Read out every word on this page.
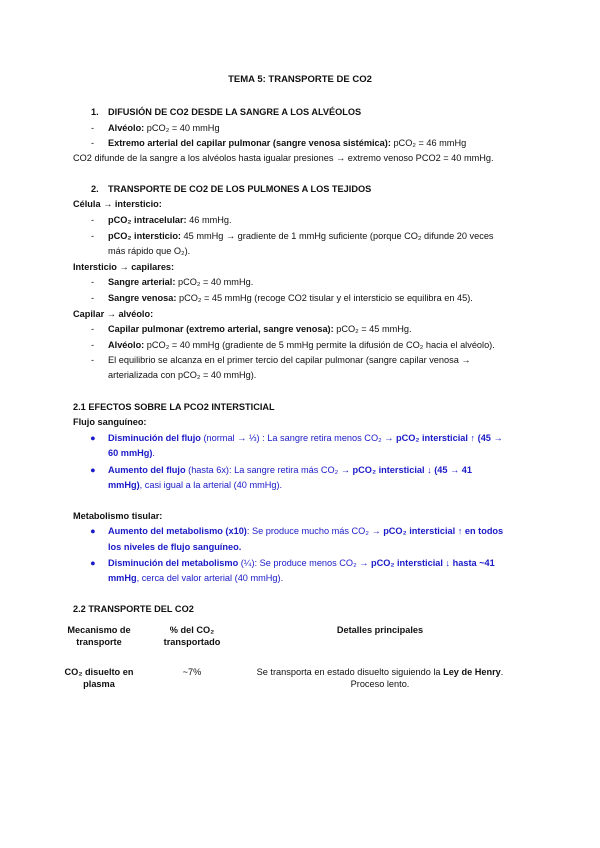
TEMA 5: TRANSPORTE DE CO2
1. DIFUSIÓN DE CO2 DESDE LA SANGRE A LOS ALVÉOLOS
- Alvéolo: pCO₂ = 40 mmHg
- Extremo arterial del capilar pulmonar (sangre venosa sistémica): pCO₂ = 46 mmHg
CO2 difunde de la sangre a los alvéolos hasta igualar presiones → extremo venoso PCO2 = 40 mmHg.
2. TRANSPORTE DE CO2 DE LOS PULMONES A LOS TEJIDOS
Célula → intersticio:
- pCO₂ intracelular: 46 mmHg.
- pCO₂ intersticio: 45 mmHg → gradiente de 1 mmHg suficiente (porque CO₂ difunde 20 veces
más rápido que O₂).
Intersticio → capilares:
- Sangre arterial: pCO₂ = 40 mmHg.
- Sangre venosa: pCO₂ = 45 mmHg (recoge CO2 tisular y el intersticio se equilibra en 45).
Capilar → alvéolo:
- Capilar pulmonar (extremo arterial, sangre venosa): pCO₂ = 45 mmHg.
- Alvéolo: pCO₂ = 40 mmHg (gradiente de 5 mmHg permite la difusión de CO₂ hacia el alvéolo).
- El equilibrio se alcanza en el primer tercio del capilar pulmonar (sangre capilar venosa →
arterializada con pCO₂ = 40 mmHg).
2.1 EFECTOS SOBRE LA PCO2 INTERSTICIAL
Flujo sanguíneo:
● Disminución del flujo (normal → ⅓) : La sangre retira menos CO₂ → pCO₂ intersticial ↑ (45 →
60 mmHg).
● Aumento del flujo (hasta 6x): La sangre retira más CO₂ → pCO₂ intersticial ↓ (45 → 41
mmHg), casi igual a la arterial (40 mmHg).
Metabolismo tisular:
● Aumento del metabolismo (x10): Se produce mucho más CO₂ → pCO₂ intersticial ↑ en todos
los niveles de flujo sanguíneo.
● Disminución del metabolismo (¼): Se produce menos CO₂ → pCO₂ intersticial ↓ hasta ~41
mmHg, cerca del valor arterial (40 mmHg).
2.2 TRANSPORTE DEL CO2
Mecanismo de
transporte
% del CO₂
transportado
Detalles principales
CO₂ disuelto en
plasma
~7%	Se transporta en estado disuelto siguiendo la Ley de Henry.
Proceso lento.
